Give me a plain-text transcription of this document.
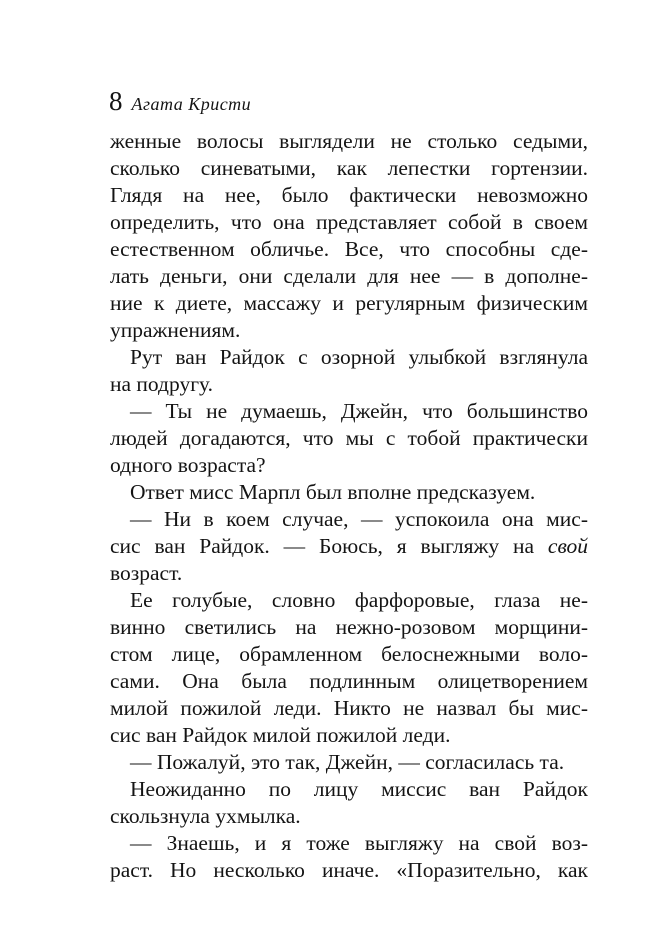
8 Агата Кристи
женные волосы выглядели не столько седыми,
сколько синеватыми, как лепестки гортензии.
Глядя на нее, было фактически невозможно
определить, что она представляет собой в своем
естественном обличье. Все, что способны сде-
лать деньги, они сделали для нее — в дополне-
ние к диете, массажу и регулярным физическим
упражнениям.
Рут ван Райдок с озорной улыбкой взглянула
на подругу.
— Ты не думаешь, Джейн, что большинство
людей догадаются, что мы с тобой практически
одного возраста?
Ответ мисс Марпл был вполне предсказуем.
— Ни в коем случае, — успокоила она мис-
сис ван Райдок. — Боюсь, я выгляжу на свой
возраст.
Ее голубые, словно фарфоровые, глаза не-
винно светились на нежно-розовом морщини-
стом лице, обрамленном белоснежными воло-
сами. Она была подлинным олицетворением
милой пожилой леди. Никто не назвал бы мис-
сис ван Райдок милой пожилой леди.
— Пожалуй, это так, Джейн, — согласилась та.
Неожиданно по лицу миссис ван Райдок
скользнула ухмылка.
— Знаешь, и я тоже выгляжу на свой воз-
раст. Но несколько иначе. «Поразительно, как
